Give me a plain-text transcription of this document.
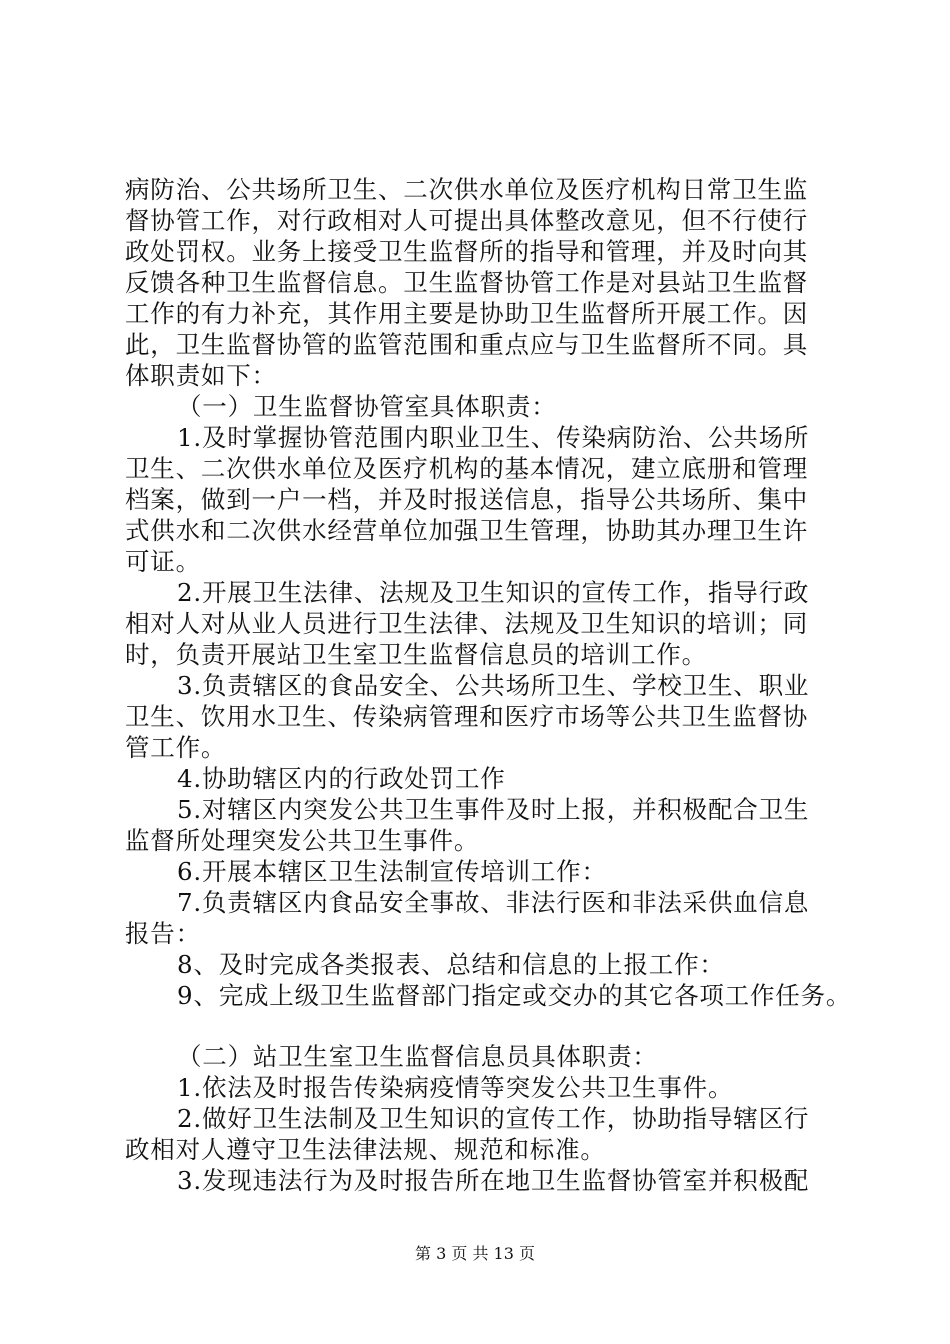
病防治、公共场所卫生、二次供水单位及医疗机构日常卫生监
督协管工作，对行政相对人可提出具体整改意见，但不行使行
政处罚权。业务上接受卫生监督所的指导和管理，并及时向其
反馈各种卫生监督信息。卫生监督协管工作是对县站卫生监督
工作的有力补充，其作用主要是协助卫生监督所开展工作。因
此，卫生监督协管的监管范围和重点应与卫生监督所不同。具
体职责如下：
（一）卫生监督协管室具体职责：
1.及时掌握协管范围内职业卫生、传染病防治、公共场所
卫生、二次供水单位及医疗机构的基本情况，建立底册和管理
档案，做到一户一档，并及时报送信息，指导公共场所、集中
式供水和二次供水经营单位加强卫生管理，协助其办理卫生许
可证。
2.开展卫生法律、法规及卫生知识的宣传工作，指导行政
相对人对从业人员进行卫生法律、法规及卫生知识的培训；同
时，负责开展站卫生室卫生监督信息员的培训工作。
3.负责辖区的食品安全、公共场所卫生、学校卫生、职业
卫生、饮用水卫生、传染病管理和医疗市场等公共卫生监督协
管工作。
4.协助辖区内的行政处罚工作
5.对辖区内突发公共卫生事件及时上报，并积极配合卫生
监督所处理突发公共卫生事件。
6.开展本辖区卫生法制宣传培训工作：
7.负责辖区内食品安全事故、非法行医和非法采供血信息
报告：
8、及时完成各类报表、总结和信息的上报工作：
9、完成上级卫生监督部门指定或交办的其它各项工作任务。
（二）站卫生室卫生监督信息员具体职责：
1.依法及时报告传染病疫情等突发公共卫生事件。
2.做好卫生法制及卫生知识的宣传工作，协助指导辖区行
政相对人遵守卫生法律法规、规范和标准。
3.发现违法行为及时报告所在地卫生监督协管室并积极配
第 3 页 共 13 页
